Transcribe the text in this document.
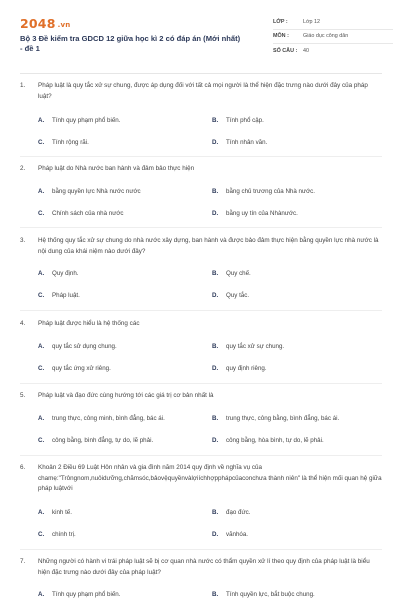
2048 .vn
Bộ 3 Đề kiểm tra GDCD 12 giữa học kì 2 có đáp án (Mới nhất) - đề 1
LỚP :	Lớp 12
MÔN :	Giáo dục công dân
SỐ CÂU :	40
1. Pháp luật là quy tắc xử sự chung, được áp dụng đối với tất cả mọi người là thể hiện đặc trưng nào dưới đây của pháp luật?
A. Tính quy phạm phổ biến.	B. Tính phổ cập.
C. Tính rộng rãi.	D. Tính nhân văn.
2. Pháp luật do Nhà nước ban hành và đảm bảo thực hiện
A. bằng quyền lực Nhà nước nước	B. bằng chủ trương của Nhà nước.
C. Chính sách của nhà nước	D. bằng uy tín của Nhànước.
3. Hệ thống quy tắc xử sự chung do nhà nước xây dựng, ban hành và được bảo đảm thực hiện bằng quyền lực nhà nước là nội dung của khái niệm nào dưới đây?
A. Quy định.	B. Quy chế.
C. Pháp luật.	D. Quy tắc.
4. Pháp luật được hiểu là hệ thống các
A. quy tắc sử dụng chung.	B. quy tắc xử sự chung.
C. quy tắc ứng xử riêng.	D. quy định riêng.
5. Pháp luật và đạo đức cùng hướng tới các giá trị cơ bản nhất là
A. trung thực, công minh, bình đẳng, bác ái.	B. trung thực, công bằng, bình đẳng, bác ái.
C. công bằng, bình đẳng, tự do, lẽ phải.	D. công bằng, hòa bình, tự do, lẽ phải.
6. Khoản 2 Điều 69 Luật Hôn nhân và gia đình năm 2014 quy định về nghĩa vụ của chamẹ:"Trôngnom,nuôidưỡng,chămsóc,bảovệquyềnvàlợiíchhợpphápcủaconchưa thành niên" là thể hiện mối quan hệ giữa pháp luậtvới
A. kinh tế.	B. đạo đức.
C. chính trị.	D. vănhóa.
7. Những người có hành vi trái pháp luật sẽ bị cơ quan nhà nước có thẩm quyền xử lí theo quy định của pháp luật là biểu hiện đặc trưng nào dưới đây của pháp luật?
A. Tính quy phạm phổ biến.	B. Tính quyền lực, bắt buộc chung.
